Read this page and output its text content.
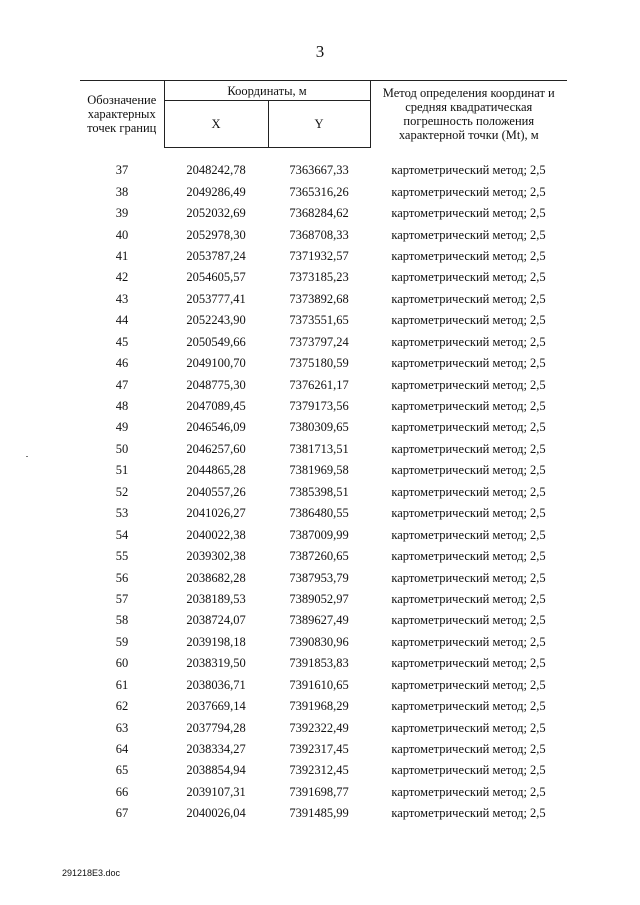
3
Обозначение характерных точек границ	Координаты, м		Метод определения координат и средняя квадратическая погрешность положения характерной точки (Mt), м
	X	Y	

37	2048242,78	7363667,33	картометрический метод; 2,5
38	2049286,49	7365316,26	картометрический метод; 2,5
39	2052032,69	7368284,62	картометрический метод; 2,5
40	2052978,30	7368708,33	картометрический метод; 2,5
41	2053787,24	7371932,57	картометрический метод; 2,5
42	2054605,57	7373185,23	картометрический метод; 2,5
43	2053777,41	7373892,68	картометрический метод; 2,5
44	2052243,90	7373551,65	картометрический метод; 2,5
45	2050549,66	7373797,24	картометрический метод; 2,5
46	2049100,70	7375180,59	картометрический метод; 2,5
47	2048775,30	7376261,17	картометрический метод; 2,5
48	2047089,45	7379173,56	картометрический метод; 2,5
49	2046546,09	7380309,65	картометрический метод; 2,5
50	2046257,60	7381713,51	картометрический метод; 2,5
51	2044865,28	7381969,58	картометрический метод; 2,5
52	2040557,26	7385398,51	картометрический метод; 2,5
53	2041026,27	7386480,55	картометрический метод; 2,5
54	2040022,38	7387009,99	картометрический метод; 2,5
55	2039302,38	7387260,65	картометрический метод; 2,5
56	2038682,28	7387953,79	картометрический метод; 2,5
57	2038189,53	7389052,97	картометрический метод; 2,5
58	2038724,07	7389627,49	картометрический метод; 2,5
59	2039198,18	7390830,96	картометрический метод; 2,5
60	2038319,50	7391853,83	картометрический метод; 2,5
61	2038036,71	7391610,65	картометрический метод; 2,5
62	2037669,14	7391968,29	картометрический метод; 2,5
63	2037794,28	7392322,49	картометрический метод; 2,5
64	2038334,27	7392317,45	картометрический метод; 2,5
65	2038854,94	7392312,45	картометрический метод; 2,5
66	2039107,31	7391698,77	картометрический метод; 2,5
67	2040026,04	7391485,99	картометрический метод; 2,5
291218E3.doc
